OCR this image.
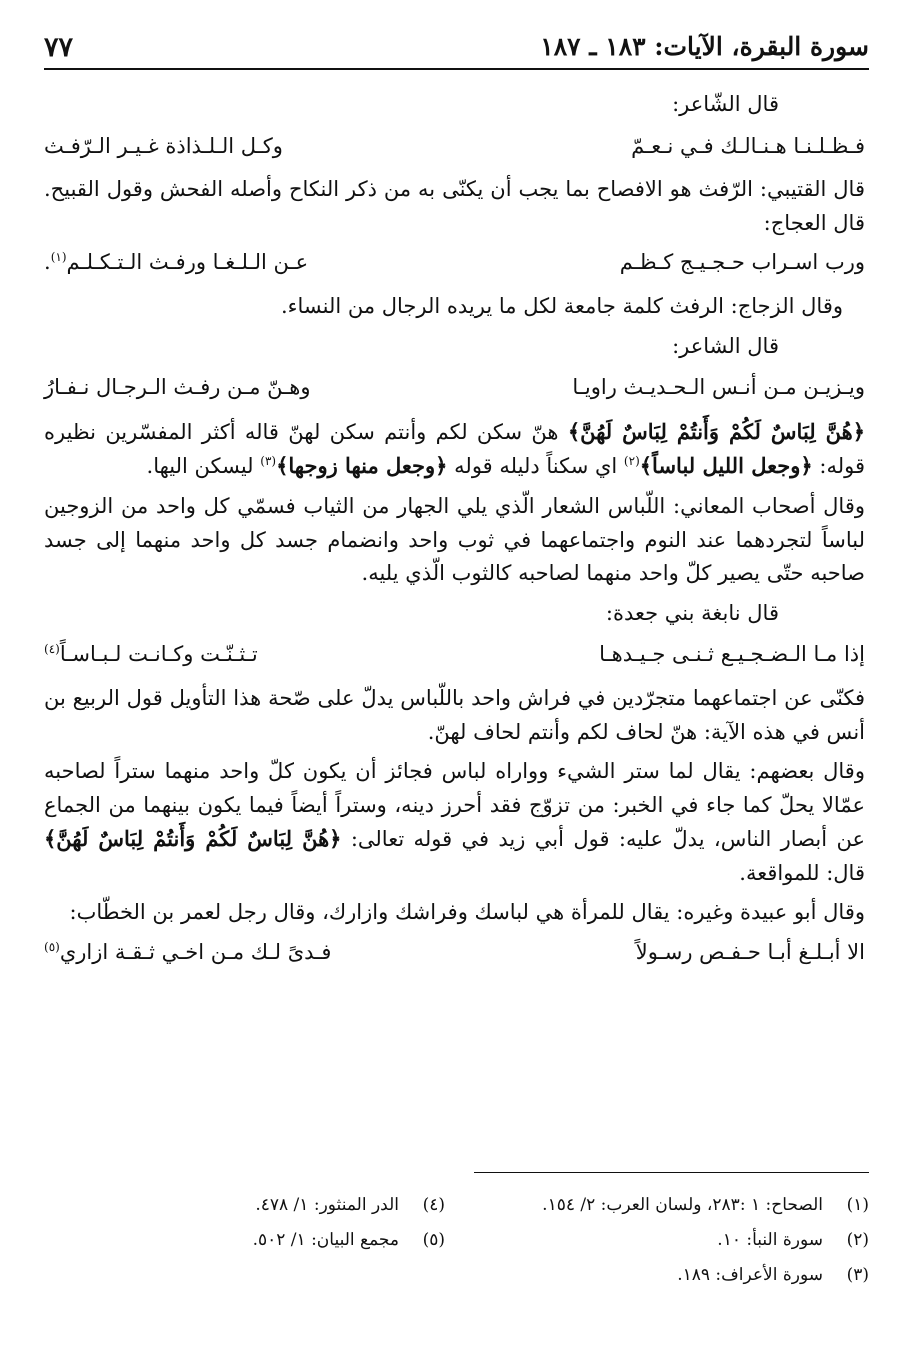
سورة البقرة، الآيات: ١٨٣ ـ ١٨٧
٧٧
قال الشّاعر:
فـظـلـنـا هـنـالـك فـي نـعـمّ
وكـل الـلـذاذة غـيـر الـرّفـث
قال القتيبي: الرّفث هو الافصاح بما يجب أن يكنّى به من ذكر النكاح وأصله الفحش وقول القبيح. قال العجاج:
ورب اسـراب حـجـيـج كـظـم
عـن الـلـغـا ورفـث الـتـكـلـم$^{(١)}$.
وقال الزجاج: الرفث كلمة جامعة لكل ما يريده الرجال من النساء.
قال الشاعر:
ويـزيـن مـن أنـس الـحـديـث راويـا
وهـنّ مـن رفـث الـرجـال نـفـارُ
﴿هُنَّ لِبَاسٌ لَكُمْ وَأَنتُمْ لِبَاسٌ لَهُنَّ﴾ هنّ سكن لكم وأنتم سكن لهنّ قاله أكثر المفسّرين نظيره قوله: ﴿وجعل الليل لباساً﴾$^{(٢)}$ اي سكناً دليله قوله ﴿وجعل منها زوجها﴾$^{(٣)}$ ليسكن اليها.
وقال أصحاب المعاني: اللّباس الشعار الّذي يلي الجهار من الثياب فسمّي كل واحد من الزوجين لباساً لتجردهما عند النوم واجتماعهما في ثوب واحد وانضمام جسد كل واحد منهما إلى جسد صاحبه حتّى يصير كلّ واحد منهما لصاحبه كالثوب الّذي يليه.
قال نابغة بني جعدة:
إذا مـا الـضـجـيـع ثـنـى جـيـدهـا
تـثـنّـت وكـانـت لـبـاسـاً$^{(٤)}$
فكنّى عن اجتماعهما متجرّدين في فراش واحد باللّباس يدلّ على صّحة هذا التأويل قول الربيع بن أنس في هذه الآية: هنّ لحاف لكم وأنتم لحاف لهنّ.
وقال بعضهم: يقال لما ستر الشيء وواراه لباس فجائز أن يكون كلّ واحد منهما ستراً لصاحبه عمّالا يحلّ كما جاء في الخبر: من تزوّج فقد أحرز دينه، وستراً أيضاً فيما يكون بينهما من الجماع عن أبصار الناس، يدلّ عليه: قول أبي زيد في قوله تعالى: ﴿هُنَّ لِبَاسٌ لَكُمْ وَأَنتُمْ لِبَاسٌ لَهُنَّ﴾ قال: للمواقعة.
وقال أبو عبيدة وغيره: يقال للمرأة هي لباسك وفراشك وازارك، وقال رجل لعمر بن الخطّاب:
الا أبـلـغ أبـا حـفـص رسـولاً
فـدىً لـك مـن اخـي ثـقـة ازاري$^{(٥)}$
(١)الصحاح: ١ :٢٨٣، ولسان العرب: ٢/ ١٥٤.
(٢)سورة النبأ: ١٠.
(٣)سورة الأعراف: ١٨٩.
(٤)الدر المنثور: ١/ ٤٧٨.
(٥)مجمع البيان: ١/ ٥٠٢.
